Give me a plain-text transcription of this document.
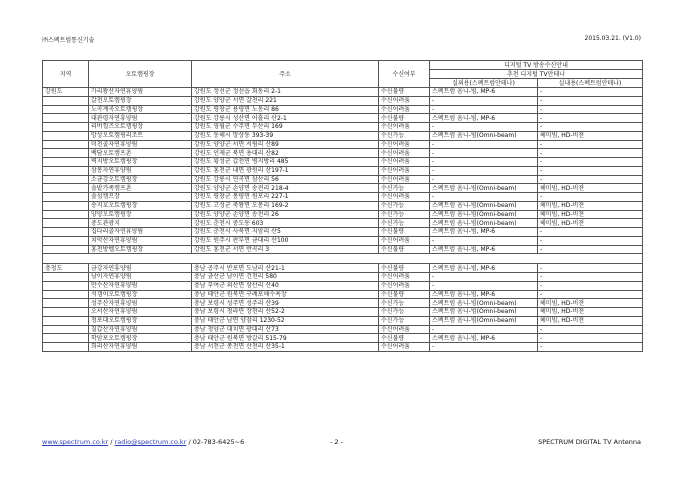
㈜스펙트럼통신기술	2015.03.21. (V1.0)
지역	오토캠핑장	주소	수신여부	디지털 TV 방송수신안내	
				추천 디지털 TV안테나	
				실외용(스펙트럼안테나)	실내용(스펙트럼안테나)
강원도	가리왕산자연휴양림	강원도 정선군 정선읍 회동리 2-1	수신불량	스펙트럼 옴니-빔, MP-6	-
	갈천오토캠핑장	강원도 양양군 서면 갈천리 221	수신어려움	-	-
	노곡계곡오토캠핑장	강원도 평창군 용평면 노동리 86	수신어려움	-	-
	대관령자연휴양림	강원도 강릉시 성산면 어흘리 산2-1	수신불량	스펙트럼 옴니-빔, MP-6	-
	리버힐즈오토캠핑장	강원도 영월군 수주면 두산리 169	수신어려움	-	-
	망상오토캠핑리조트	강원도 동해시 망상동 393-39	수신가능	스펙트럼 옴니-빔(Omni-beam)	헤미빔, HD-비젼
	미천골자연휴양림	강원도 양양군 서면 서림리 산89	수신어려움	-	-
	백담오토캠프촌	강원도 인제군 북면 용대리 산82	수신어려움	-	-
	벽지방오토캠핑장	강원도 횡성군 갑천면 병지방리 485	수신어려움	-	-
	삼봉자연휴양림	강원도 홍천군 내면 광원리 산197-1	수신어려움	-	-
	소금강오토캠핑장	강원도 강릉시 연곡면 삼산리 56	수신어려움	-	-
	솔밭가족캠프촌	강원도 양양군 손양면 송전리 218-4	수신가능	스펙트럼 옴니-빔(Omni-beam)	헤미빔, HD-비젼
	솔섬캠프장	강원도 평창군 봉평면 원포리 227-1	수신어려움	-	-
	송지호오토캠핑장	강원도 고성군 죽왕면 오봉리 169-2	수신가능	스펙트럼 옴니-빔(Omni-beam)	헤미빔, HD-비젼
	양양오토캠핑장	강원도 양양군 손양면 송전리 26	수신가능	스펙트럼 옴니-빔(Omni-beam)	헤미빔, HD-비젼
	중도관광지	강원도 춘천시 중도동 603	수신가능	스펙트럼 옴니-빔(Omni-beam)	헤미빔, HD-비젼
	집다리골자연휴양림	강원도 춘천시 사북면 지암리 산5	수신불량	스펙트럼 옴니-빔, MP-6	-
	치악산자연휴양림	강원도 원주시 판부면 금대리 산100	수신어려움	-	-
	홍천방벨오토캠핑장	강원도 홍천군 서면 반곡리 3	수신불량	스펙트럼 옴니-빔, MP-6	-

충청도	금강자연휴양림	충남 공주시 반포면 도남리 산21-1	수신불량	스펙트럼 옴니-빔, MP-6	-
	남이자연휴양림	충남 금산군 남이면 건천리 580	수신어려움	-	-
	만수산자연휴양림	충남 부여군 외산면 삼산리 산40	수신어려움	-	-
	석갬이오토캠핑장	충남 태안군 원북면 구례포해수욕장	수신불량	스펙트럼 옴니-빔, MP-6	-
	성주산자연휴양림	충남 보령시 성주면 성주리 산39	수신가능	스펙트럼 옴니-빔(Omni-beam)	헤미빔, HD-비젼
	오서산자연휴양림	충남 보령시 청라면 장현리 산52-2	수신가능	스펙트럼 옴니-빔(Omni-beam)	헤미빔, HD-비젼
	청포대오토캠핑장	충남 태안군 남면 양잠리 1230-52	수신가능	스펙트럼 옴니-빔(Omni-beam)	헤미빔, HD-비젼
	칠갑산자연휴양림	충남 청양군 대치면 광대리 산73	수신어려움	-	-
	학암포오토캠핑장	충남 태안군 원북면 방갈리 515-79	수신불량	스펙트럼 옴니-빔, MP-6	-
	희리산자연휴양림	충남 서천군 종천면 산천리 산35-1	수신어려움	-	-
www.spectrum.co.kr / radio@spectrum.co.kr / 02-783-6425~6	- 2 -	SPECTRUM DIGITAL TV Antenna
